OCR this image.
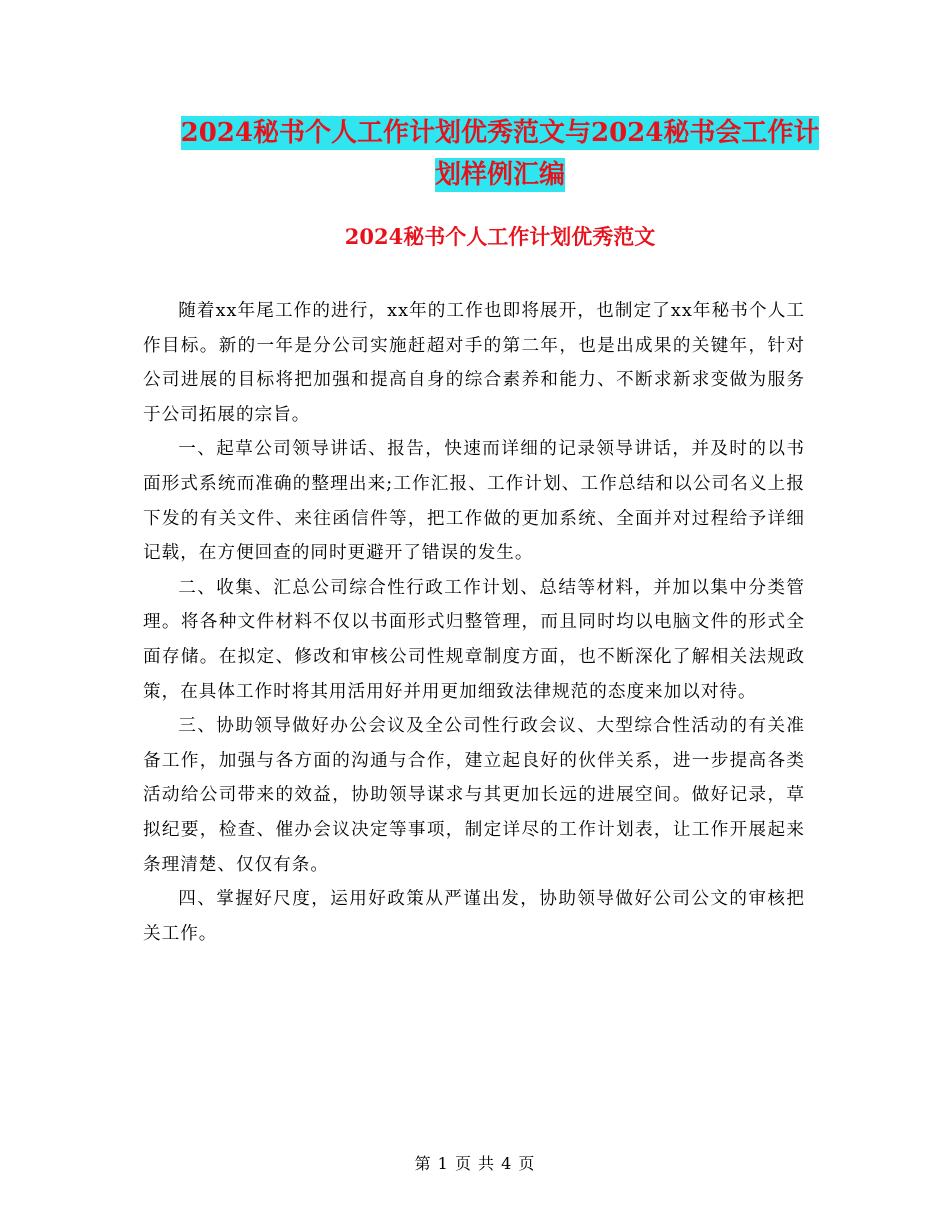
2024秘书个人工作计划优秀范文与2024秘书会工作计
划样例汇编
2024秘书个人工作计划优秀范文

随着xx年尾工作的进行，xx年的工作也即将展开，也制定了xx年秘书个人工作目标。新的一年是分公司实施赶超对手的第二年，也是出成果的关键年，针对公司进展的目标将把加强和提高自身的综合素养和能力、不断求新求变做为服务于公司拓展的宗旨。

一、起草公司领导讲话、报告，快速而详细的记录领导讲话，并及时的以书面形式系统而准确的整理出来;工作汇报、工作计划、工作总结和以公司名义上报下发的有关文件、来往函信件等，把工作做的更加系统、全面并对过程给予详细记载，在方便回查的同时更避开了错误的发生。

二、收集、汇总公司综合性行政工作计划、总结等材料，并加以集中分类管理。将各种文件材料不仅以书面形式归整管理，而且同时均以电脑文件的形式全面存储。在拟定、修改和审核公司性规章制度方面，也不断深化了解相关法规政策，在具体工作时将其用活用好并用更加细致法律规范的态度来加以对待。

三、协助领导做好办公会议及全公司性行政会议、大型综合性活动的有关准备工作，加强与各方面的沟通与合作，建立起良好的伙伴关系，进一步提高各类活动给公司带来的效益，协助领导谋求与其更加长远的进展空间。做好记录，草拟纪要，检查、催办会议决定等事项，制定详尽的工作计划表，让工作开展起来条理清楚、仅仅有条。

四、掌握好尺度，运用好政策从严谨出发，协助领导做好公司公文的审核把关工作。

第 1 页 共 4 页
